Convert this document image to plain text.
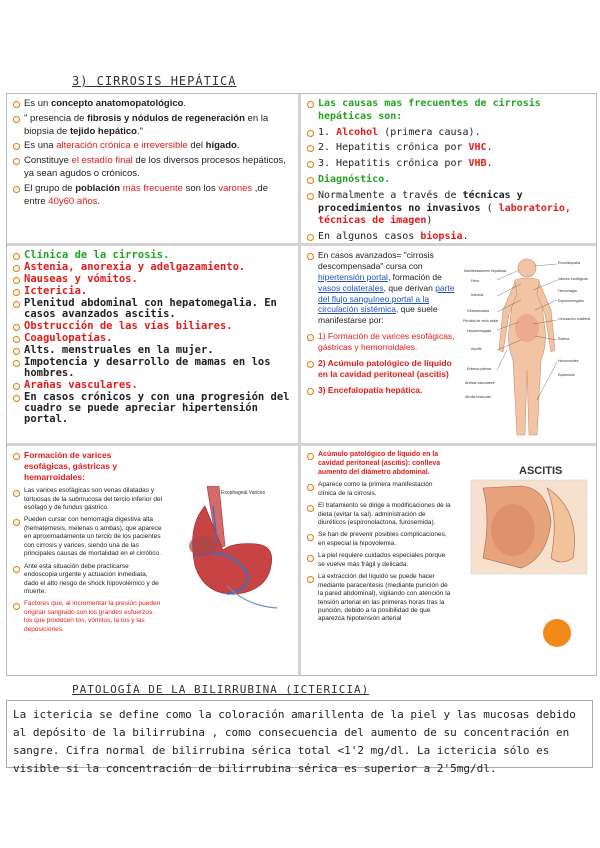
3) CIRROSIS HEPÁTICA
Es un concepto anatomopatológico.
" presencia de fibrosis y nódulos de regeneración en la biopsia de tejido hepático."
Es una alteración crónica e irreversible del hígado.
Constituye el estadío final de los diversos procesos hepáticos, ya sean agudos o crónicos.
El grupo de población más frecuente son los varones ,de entre 40y60 años.
Las causas mas frecuentes de cirrosis hepáticas son:
1. Alcohol (primera causa).
2. Hepatitis crónica por VHC.
3. Hepatitis crónica por VHB.
Diagnóstico.
Normalmente a través de técnicas y procedimientos no invasivos ( laboratorio, técnicas de imagen)
En algunos casos biopsia.
Clínica de la cirrosis.
Astenia, anorexia y adelgazamiento.
Nauseas y vómitos.
Ictericia.
Plenitud abdominal con hepatomegalia. En casos avanzados ascitis.
Obstrucción de las vías biliares.
Coagulopatías.
Alts. menstruales en la mujer.
Impotencia y desarrollo de mamas en los hombres.
Arañas vasculares.
En casos crónicos y con una progresión del cuadro se puede apreciar hipertensión portal.
En casos avanzados= "cirrosis descompensada" cursa con hipertensión portal, formación de vasos colaterales, que derivan parte del flujo sanguíneo portal a la circulación sistémica, que suele manifestarse por:
1) Formación de varices esofágicas, gástricas y hemorroidales.
2) Acúmulo patológico de líquido en la cavidad peritoneal (ascitis)
3) Encefalopatía hepática.
Manifestaciones hepáticas
Fetor
Ictericia
Ginecomastia
Pérdida de vello axilar
Hepatomegalia
Ascitis
Eritema palmar
Arañas vasculares
Atrofia testicular
Encefalopatía
Varices esofágicas
Hemorragia
Esplenomegalia
Circulación colateral
Edema
Hemorroides
Equimosis
Formación de varices esofágicas, gástricas y hemarroidales:
Las varices esofágicas son venas dilatadas y tortuosas de la submucosa del tercio inferior del esófago y de fundus gástrico.
Pueden cursar con hemorragia digestiva alta (hematemesis, melenas o ambas), que aparece en aproximadamente un tercio de los pacientes con cirrosis y varices, siendo una de las principales causas de mortalidad en el cirrótico.
Ante esta situación debe practicarse endoscopia urgente y actuación inmediata, dado el alto riesgo de shock hipovolémico y de muerte.
Factores que, al incrementar la presión pueden originar sangrado son los grandes esfuerzos, los que producen tos, vómitos, la tos y las deposiciones.
Esophageal Varices
Acúmulo patológico de líquido en la cavidad peritoneal (ascitis): conlleva aumento del diámetro abdominal.
Aparece como la primera manifestación clínica de la cirrosis.
El tratamiento se dirige a modificaciones de la dieta (evitar la sal), administración de diuréticos (espironolactona, furosemida).
Se han de prevenir posibles complicaciones, en especial la hipovolemia.
La piel requiere cuidados especiales porque se vuelve más frágil y delicada.
La extracción del líquido se puede hacer mediante paracentesis (mediante punción de la pared abdominal), vigilando con atención la tensión arterial en las primeras horas tras la punción, debido a la posibilidad de que aparezca hipotensión arterial
ASCITIS
PATOLOGÍA DE LA BILIRRUBINA (ICTERICIA)
La ictericia se define como la coloración amarillenta de la piel y las mucosas debido al depósito de la bilirrubina , como consecuencia del aumento de su concentración en sangre. Cifra normal de bilirrubina sérica total <1'2 mg/dl. La ictericia sólo es visible si la concentración de bilirrubina sérica es superior a 2'5mg/dl.
